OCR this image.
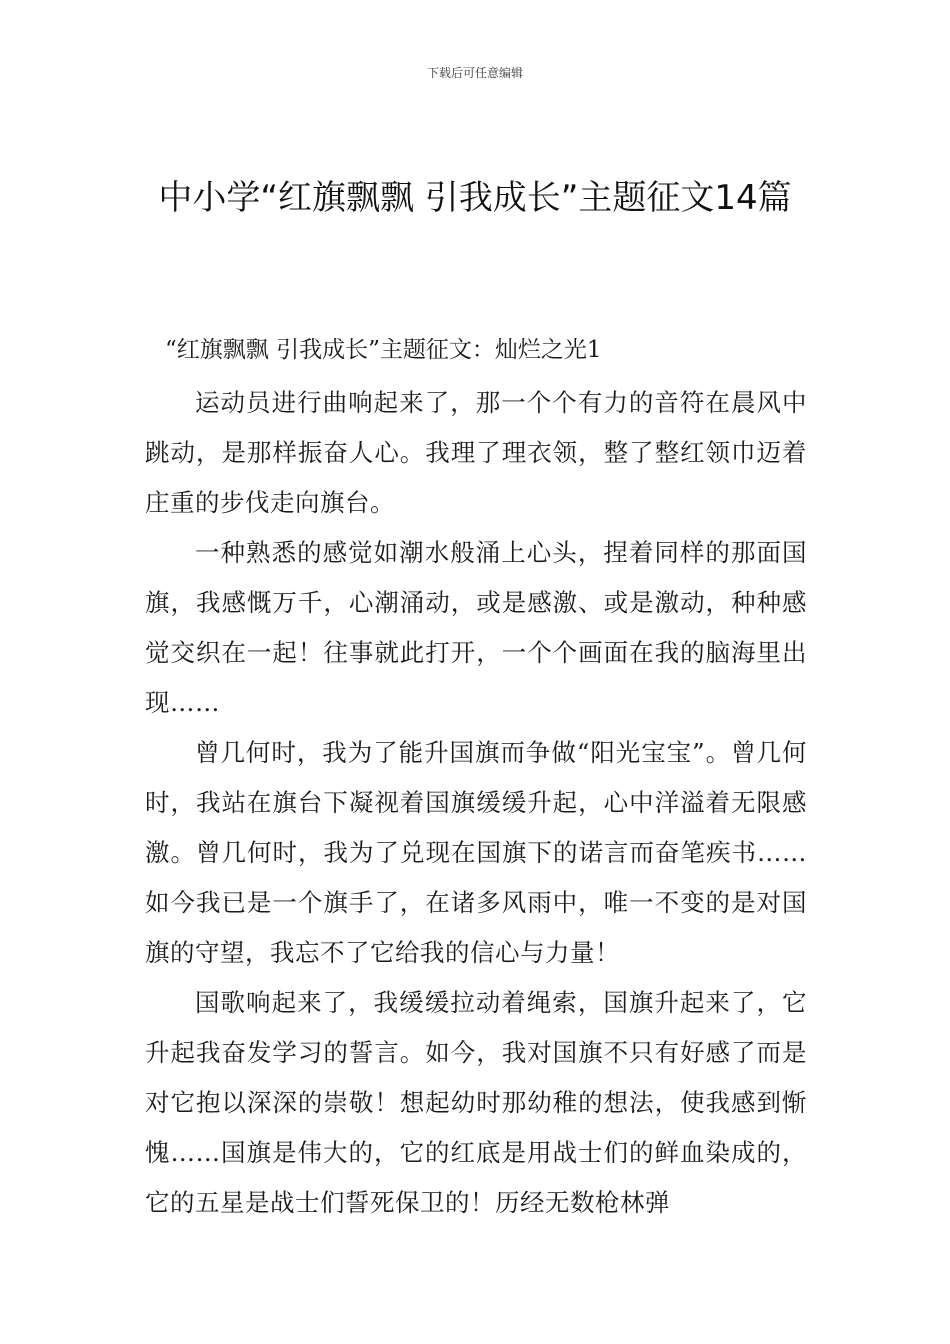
下载后可任意编辑
中小学“红旗飘飘 引我成长”主题征文14篇

“红旗飘飘 引我成长”主题征文：灿烂之光1

运动员进行曲响起来了，那一个个有力的音符在晨风中跳动，是那样振奋人心。我理了理衣领，整了整红领巾迈着庄重的步伐走向旗台。

一种熟悉的感觉如潮水般涌上心头，捏着同样的那面国旗，我感慨万千，心潮涌动，或是感激、或是激动，种种感觉交织在一起！往事就此打开，一个个画面在我的脑海里出现……

曾几何时，我为了能升国旗而争做“阳光宝宝”。曾几何时，我站在旗台下凝视着国旗缓缓升起，心中洋溢着无限感激。曾几何时，我为了兑现在国旗下的诺言而奋笔疾书……如今我已是一个旗手了，在诸多风雨中，唯一不变的是对国旗的守望，我忘不了它给我的信心与力量！

国歌响起来了，我缓缓拉动着绳索，国旗升起来了，它升起我奋发学习的誓言。如今，我对国旗不只有好感了而是对它抱以深深的崇敬！想起幼时那幼稚的想法，使我感到惭愧……国旗是伟大的，它的红底是用战士们的鲜血染成的，它的五星是战士们誓死保卫的！历经无数枪林弹
